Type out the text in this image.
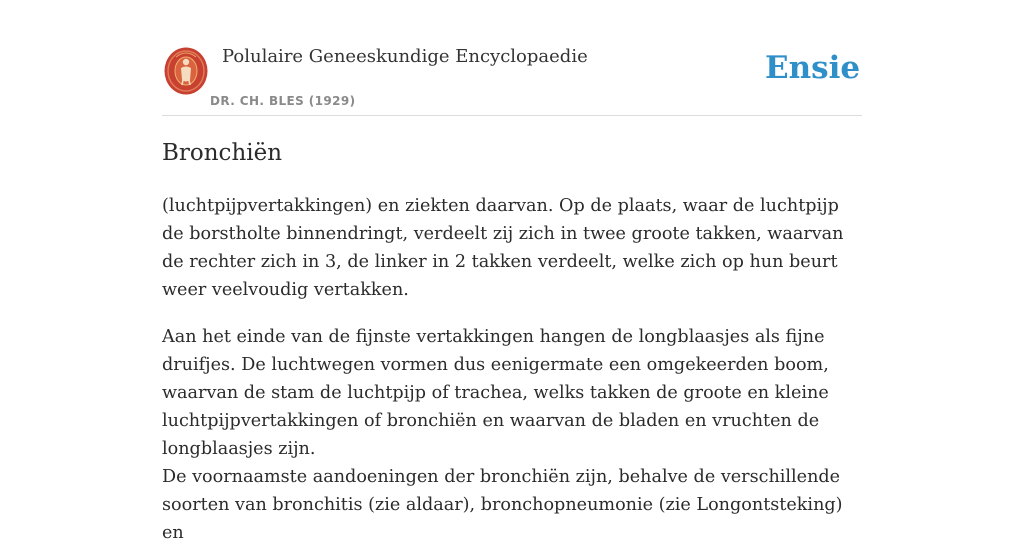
Polulaire Geneeskundige Encyclopaedie
DR. CH. BLES (1929)
Ensie
Bronchiën

(luchtpijpvertakkingen) en ziekten daarvan. Op de plaats, waar de luchtpijp de borstholte binnendringt, verdeelt zij zich in twee groote takken, waarvan de rechter zich in 3, de linker in 2 takken verdeelt, welke zich op hun beurt weer veelvoudig vertakken.

Aan het einde van de fijnste vertakkingen hangen de longblaasjes als fijne druifjes. De luchtwegen vormen dus eenigermate een omgekeerden boom, waarvan de stam de luchtpijp of trachea, welks takken de groote en kleine luchtpijpvertakkingen of bronchiën en waarvan de bladen en vruchten de longblaasjes zijn.

De voornaamste aandoeningen der bronchiën zijn, behalve de verschillende soorten van bronchitis (zie aldaar), bronchopneumonie (zie Longontsteking) en
